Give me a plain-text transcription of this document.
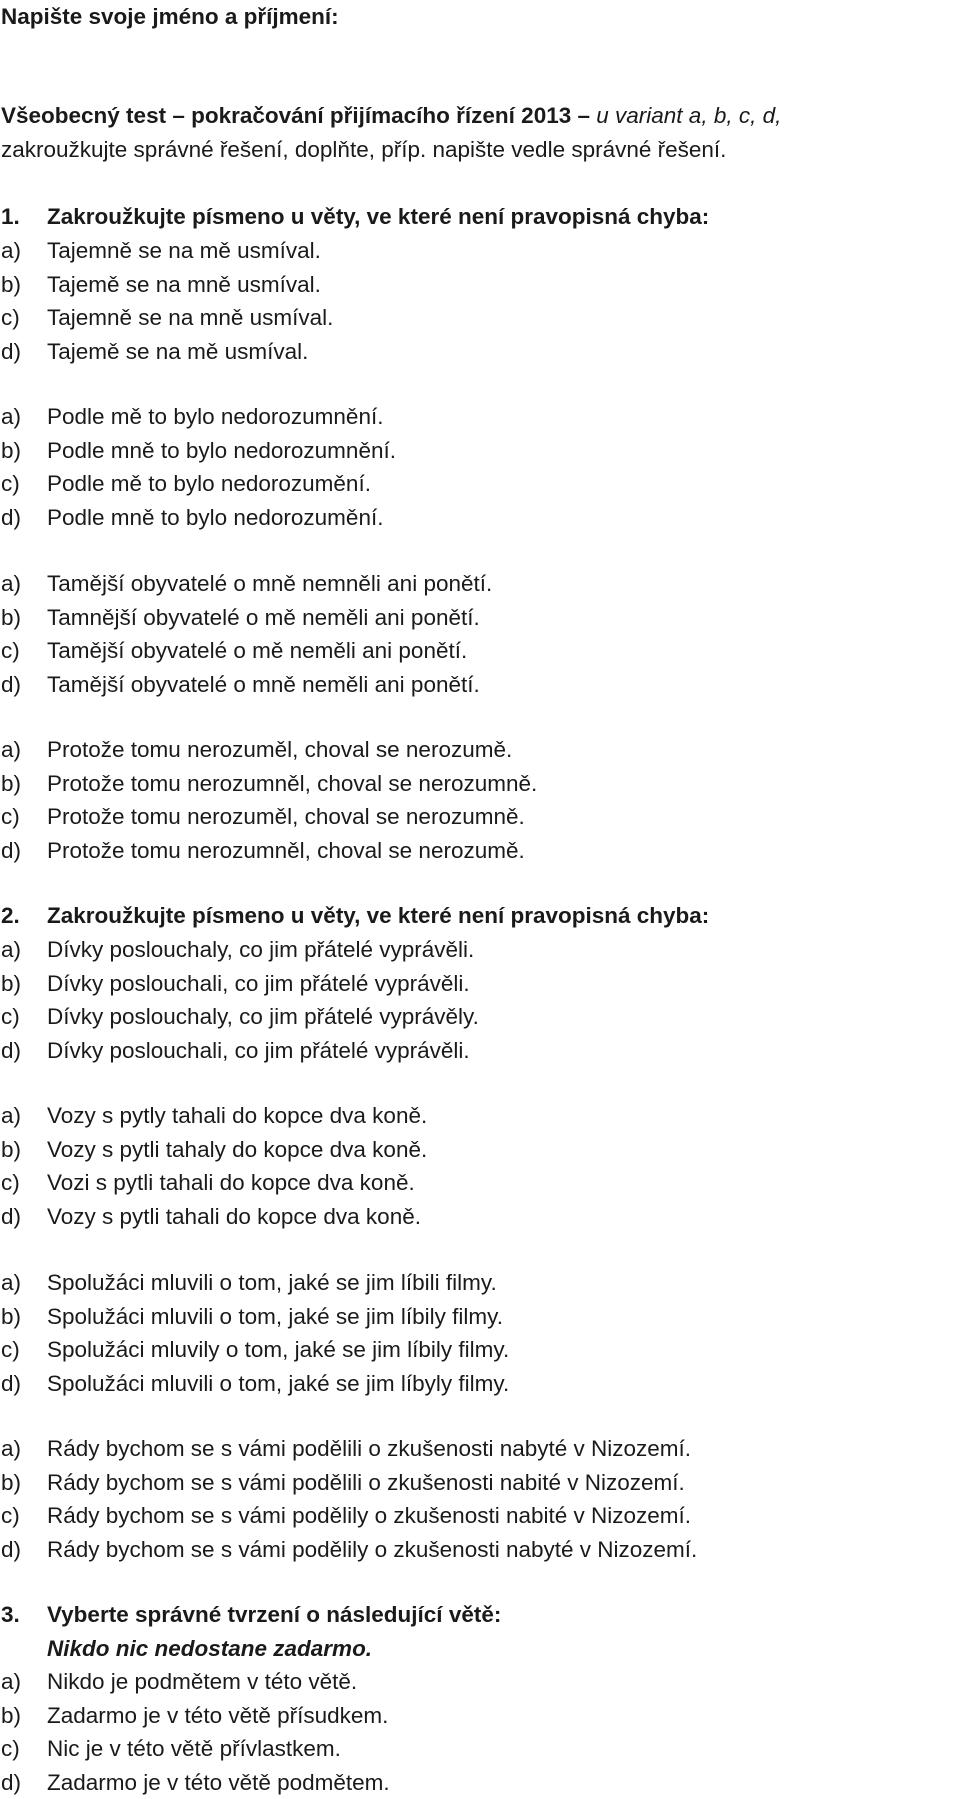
Napište svoje jméno a příjmení:
Všeobecný test – pokračování přijímacího řízení 2013 – u variant a, b, c, d,
zakroužkujte správné řešení, doplňte, příp. napište vedle správné řešení.
1.	Zakroužkujte písmeno u věty, ve které není pravopisná chyba:
a)	Tajemně se na mě usmíval.
b)	Tajemě se na mně usmíval.
c)	Tajemně se na mně usmíval.
d)	Tajemě se na mě usmíval.
a)	Podle mě to bylo nedorozumnění.
b)	Podle mně to bylo nedorozumnění.
c)	Podle mě to bylo nedorozumění.
d)	Podle mně to bylo nedorozumění.
a)	Tamější obyvatelé o mně nemněli ani ponětí.
b)	Tamnější obyvatelé o mě neměli ani ponětí.
c)	Tamější obyvatelé o mě neměli ani ponětí.
d)	Tamější obyvatelé o mně neměli ani ponětí.
a)	Protože tomu nerozuměl, choval se nerozumě.
b)	Protože tomu nerozumněl, choval se nerozumně.
c)	Protože tomu nerozuměl, choval se nerozumně.
d)	Protože tomu nerozumněl, choval se nerozumě.
2.	Zakroužkujte písmeno u věty, ve které není pravopisná chyba:
a)	Dívky poslouchaly, co jim přátelé vyprávěli.
b)	Dívky poslouchali, co jim přátelé vyprávěli.
c)	Dívky poslouchaly, co jim přátelé vyprávěly.
d)	Dívky poslouchali, co jim přátelé vyprávěli.
a)	Vozy s pytly tahali do kopce dva koně.
b)	Vozy s pytli tahaly do kopce dva koně.
c)	Vozi s pytli tahali do kopce dva koně.
d)	Vozy s pytli tahali do kopce dva koně.
a)	Spolužáci mluvili o tom, jaké se jim líbili filmy.
b)	Spolužáci mluvili o tom, jaké se jim líbily filmy.
c)	Spolužáci mluvily o tom, jaké se jim líbily filmy.
d)	Spolužáci mluvili o tom, jaké se jim líbyly filmy.
a)	Rády bychom se s vámi podělili o zkušenosti nabyté v Nizozemí.
b)	Rády bychom se s vámi podělili o zkušenosti nabité v Nizozemí.
c)	Rády bychom se s vámi podělily o zkušenosti nabité v Nizozemí.
d)	Rády bychom se s vámi podělily o zkušenosti nabyté v Nizozemí.
3.	Vyberte správné tvrzení o následující větě:
Nikdo nic nedostane zadarmo.
a)	Nikdo je podmětem v této větě.
b)	Zadarmo je v této větě přísudkem.
c)	Nic je v této větě přívlastkem.
d)	Zadarmo je v této větě podmětem.
